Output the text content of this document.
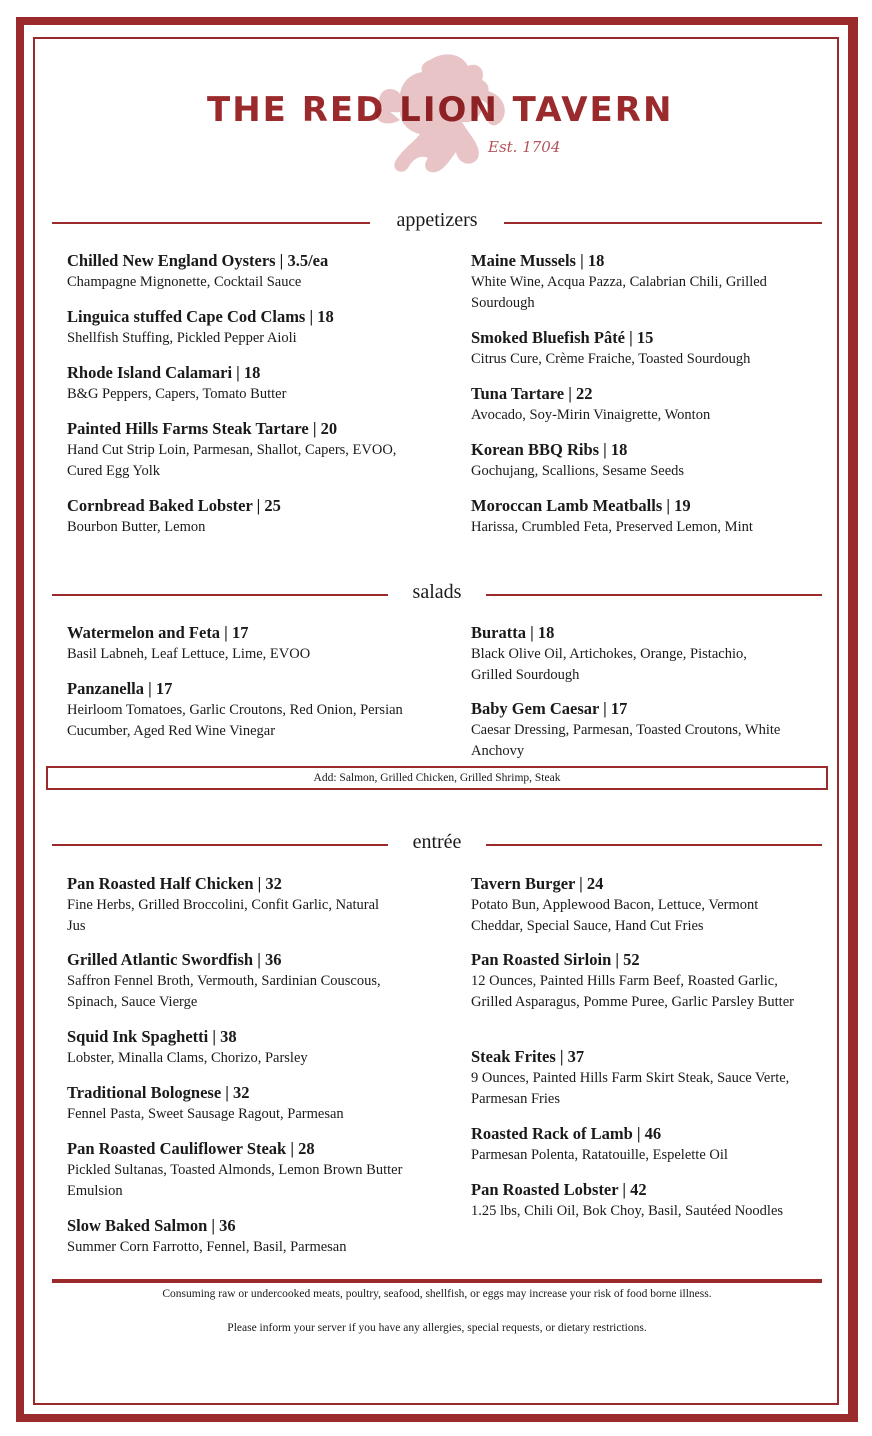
THE RED LION TAVERN
Est. 1704
appetizers
Chilled New England Oysters | 3.5/ea
Champagne Mignonette, Cocktail Sauce
Linguica stuffed Cape Cod Clams | 18
Shellfish Stuffing, Pickled Pepper Aioli
Rhode Island Calamari | 18
B&G Peppers, Capers, Tomato Butter
Painted Hills Farms Steak Tartare | 20
Hand Cut Strip Loin, Parmesan, Shallot, Capers, EVOO, Cured Egg Yolk
Cornbread Baked Lobster | 25
Bourbon Butter, Lemon
Maine Mussels | 18
White Wine, Acqua Pazza, Calabrian Chili, Grilled Sourdough
Smoked Bluefish Pâté | 15
Citrus Cure, Crème Fraiche, Toasted Sourdough
Tuna Tartare | 22
Avocado, Soy-Mirin Vinaigrette, Wonton
Korean BBQ Ribs | 18
Gochujang, Scallions, Sesame Seeds
Moroccan Lamb Meatballs | 19
Harissa, Crumbled Feta, Preserved Lemon, Mint
salads
Watermelon and Feta | 17
Basil Labneh, Leaf Lettuce, Lime, EVOO
Panzanella | 17
Heirloom Tomatoes, Garlic Croutons, Red Onion, Persian Cucumber, Aged Red Wine Vinegar
Buratta | 18
Black Olive Oil, Artichokes, Orange, Pistachio, Grilled Sourdough
Baby Gem Caesar | 17
Caesar Dressing, Parmesan, Toasted Croutons, White Anchovy
Add: Salmon, Grilled Chicken, Grilled Shrimp, Steak
entrée
Pan Roasted Half Chicken | 32
Fine Herbs, Grilled Broccolini, Confit Garlic, Natural Jus
Grilled Atlantic Swordfish | 36
Saffron Fennel Broth, Vermouth, Sardinian Couscous, Spinach, Sauce Vierge
Squid Ink Spaghetti | 38
Lobster, Minalla Clams, Chorizo, Parsley
Traditional Bolognese | 32
Fennel Pasta, Sweet Sausage Ragout, Parmesan
Pan Roasted Cauliflower Steak | 28
Pickled Sultanas, Toasted Almonds, Lemon Brown Butter Emulsion
Slow Baked Salmon | 36
Summer Corn Farrotto, Fennel, Basil, Parmesan
Tavern Burger | 24
Potato Bun, Applewood Bacon, Lettuce, Vermont Cheddar, Special Sauce, Hand Cut Fries
Pan Roasted Sirloin | 52
12 Ounces, Painted Hills Farm Beef, Roasted Garlic, Grilled Asparagus, Pomme Puree, Garlic Parsley Butter
Steak Frites | 37
9 Ounces, Painted Hills Farm Skirt Steak, Sauce Verte, Parmesan Fries
Roasted Rack of Lamb | 46
Parmesan Polenta, Ratatouille, Espelette Oil
Pan Roasted Lobster | 42
1.25 lbs, Chili Oil, Bok Choy, Basil, Sautéed Noodles
Consuming raw or undercooked meats, poultry, seafood, shellfish, or eggs may increase your risk of food borne illness.
Please inform your server if you have any allergies, special requests, or dietary restrictions.
